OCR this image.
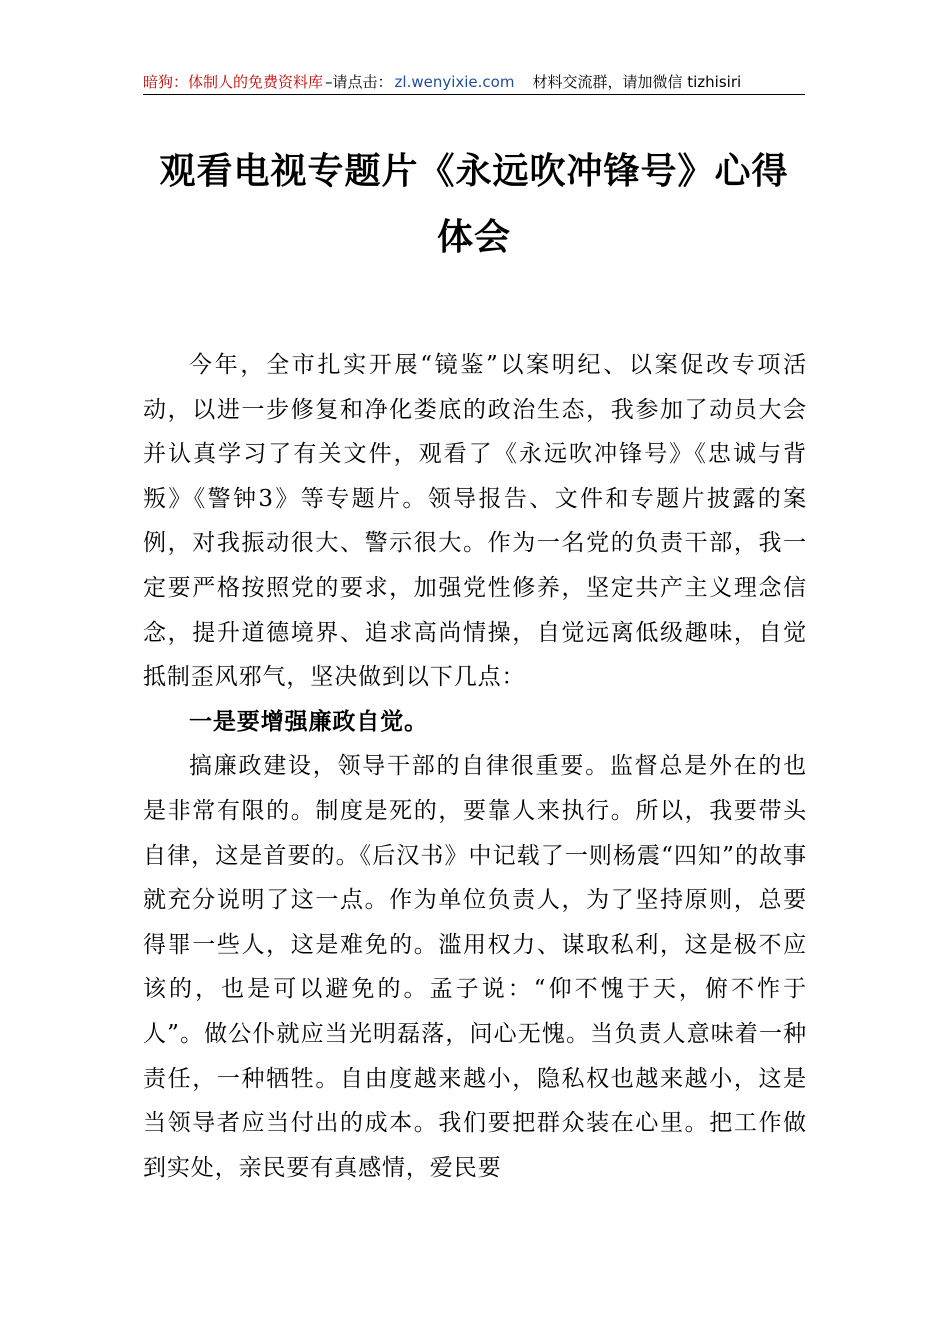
暗狗：体制人的免费资料库 –请点击： zl.wenyixie.com 材料交流群，请加微信 tizhisiri
观看电视专题片《永远吹冲锋号》心得体会

今年，全市扎实开展“镜鉴”以案明纪、以案促改专项活动，以进一步修复和净化娄底的政治生态，我参加了动员大会并认真学习了有关文件，观看了《永远吹冲锋号》《忠诚与背叛》《警钟3》等专题片。领导报告、文件和专题片披露的案例，对我振动很大、警示很大。作为一名党的负责干部，我一定要严格按照党的要求，加强党性修养，坚定共产主义理念信念，提升道德境界、追求高尚情操，自觉远离低级趣味，自觉抵制歪风邪气，坚决做到以下几点：

一是要增强廉政自觉。

搞廉政建设，领导干部的自律很重要。监督总是外在的也是非常有限的。制度是死的，要靠人来执行。所以，我要带头自律，这是首要的。《后汉书》中记载了一则杨震“四知”的故事就充分说明了这一点。作为单位负责人，为了坚持原则，总要得罪一些人，这是难免的。滥用权力、谋取私利，这是极不应该的，也是可以避免的。孟子说：“仰不愧于天，俯不怍于人”。做公仆就应当光明磊落，问心无愧。当负责人意味着一种责任，一种牺牲。自由度越来越小，隐私权也越来越小，这是当领导者应当付出的成本。我们要把群众装在心里。把工作做到实处，亲民要有真感情，爱民要
